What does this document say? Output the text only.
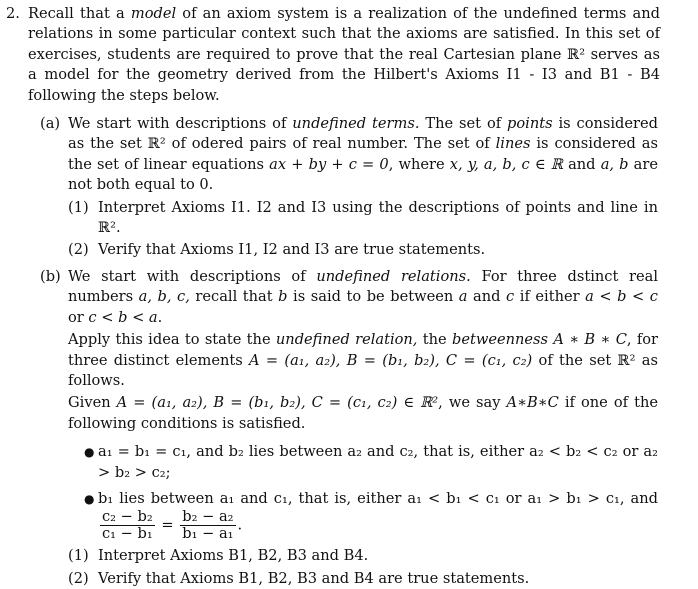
2. Recall that a model of an axiom system is a realization of the undefined terms and relations in some particular context such that the axioms are satisfied. In this set of exercises, students are required to prove that the real Cartesian plane ℝ² serves as a model for the geometry derived from the Hilbert's Axioms I1 - I3 and B1 - B4 following the steps below.
(a) We start with descriptions of undefined terms. The set of points is considered as the set ℝ² of odered pairs of real number. The set of lines is considered as the set of linear equations ax + by + c = 0, where x, y, a, b, c ∈ ℝ and a, b are not both equal to 0.
(1) Interpret Axioms I1. I2 and I3 using the descriptions of points and line in ℝ².
(2) Verify that Axioms I1, I2 and I3 are true statements.
(b) We start with descriptions of undefined relations. For three dstinct real numbers a, b, c, recall that b is said to be between a and c if either a < b < c or c < b < a.
Apply this idea to state the undefined relation, the betweenness A ∗ B ∗ C, for three distinct elements A = (a₁, a₂), B = (b₁, b₂), C = (c₁, c₂) of the set ℝ² as follows.
Given A = (a₁, a₂), B = (b₁, b₂), C = (c₁, c₂) ∈ ℝ², we say A∗B∗C if one of the following conditions is satisfied.
● a₁ = b₁ = c₁, and b₂ lies between a₂ and c₂, that is, either a₂ < b₂ < c₂ or a₂ > b₂ > c₂;
● b₁ lies between a₁ and c₁, that is, either a₁ < b₁ < c₁ or a₁ > b₁ > c₁, and
$\frac{\text{c₂ − b₂}}{\text{c₁ − b₁}} = \frac{\text{b₂ − a₂}}{\text{b₁ − a₁}}$ .
(1) Interpret Axioms B1, B2, B3 and B4.
(2) Verify that Axioms B1, B2, B3 and B4 are true statements.
